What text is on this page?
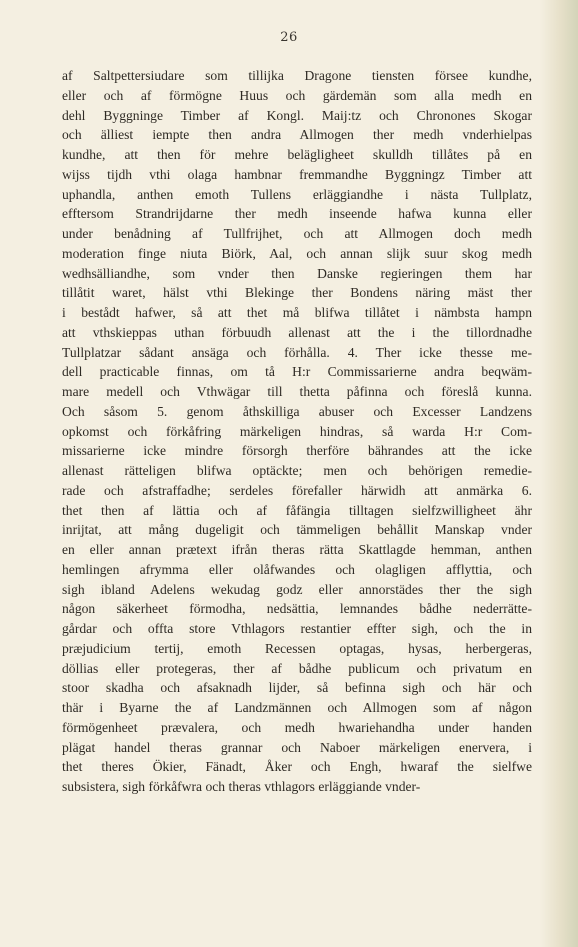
26
af Saltpettersiudare som tillijka Dragone tiensten försee kundhe,
eller och af förmögne Huus och gärdemän som alla medh en
dehl Byggninge Timber af Kongl. Maij:tz och Chronones Skogar
och älliest iempte then andra Allmogen ther medh vnderhielpas
kundhe, att then för mehre belägligheet skulldh tillåtes på en
wijss tijdh vthi olaga hambnar fremmandhe Byggningz Timber att
uphandla, anthen emoth Tullens erläggiandhe i nästa Tullplatz,
efftersom Strandrijdarne ther medh inseende hafwa kunna eller
under benådning af Tullfrijhet, och att Allmogen doch medh
moderation finge niuta Biörk, Aal, och annan slijk suur skog medh
wedhsälliandhe, som vnder then Danske regieringen them har
tillåtit waret, hälst vthi Blekinge ther Bondens näring mäst ther
i bestådt hafwer, så att thet må blifwa tillåtet i nämbsta hampn
att vthskieppas uthan förbuudh allenast att the i the tillordnadhe
Tullplatzar sådant ansäga och förhålla. 4. Ther icke thesse me-
dell practicable finnas, om tå H:r Commissarierne andra beqwäm-
mare medell och Vthwägar till thetta påfinna och föreslå kunna.
Och såsom 5. genom åthskilliga abuser och Excesser Landzens
opkomst och förkåfring märkeligen hindras, så warda H:r Com-
missarierne icke mindre försorgh therföre bährandes att the icke
allenast rätteligen blifwa optäckte; men och behörigen remedie-
rade och afstraffadhe; serdeles förefaller härwidh att anmärka 6.
thet then af lättia och af fåfängia tilltagen sielfzwilligheet ähr
inrijtat, att mång dugeligit och tämmeligen behållit Manskap vnder
en eller annan prætext ifrån theras rätta Skattlagde hemman, anthen
hemlingen afrymma eller olåfwandes och olagligen afflyttia, och
sigh ibland Adelens wekudag godz eller annorstädes ther the sigh
någon säkerheet förmodha, nedsättia, lemnandes bådhe nederrätte-
gårdar och offta store Vthlagors restantier effter sigh, och the in
præjudicium tertij, emoth Recessen optagas, hysas, herbergeras,
döllias eller protegeras, ther af bådhe publicum och privatum en
stoor skadha och afsaknadh lijder, så befinna sigh och här och
thär i Byarne the af Landzmännen och Allmogen som af någon
förmögenheet prævalera, och medh hwariehandha under handen
plägat handel theras grannar och Naboer märkeligen enervera, i
thet theres Ökier, Fänadt, Åker och Engh, hwaraf the sielfwe
subsistera, sigh förkåfwra och theras vthlagors erläggiande vnder-
